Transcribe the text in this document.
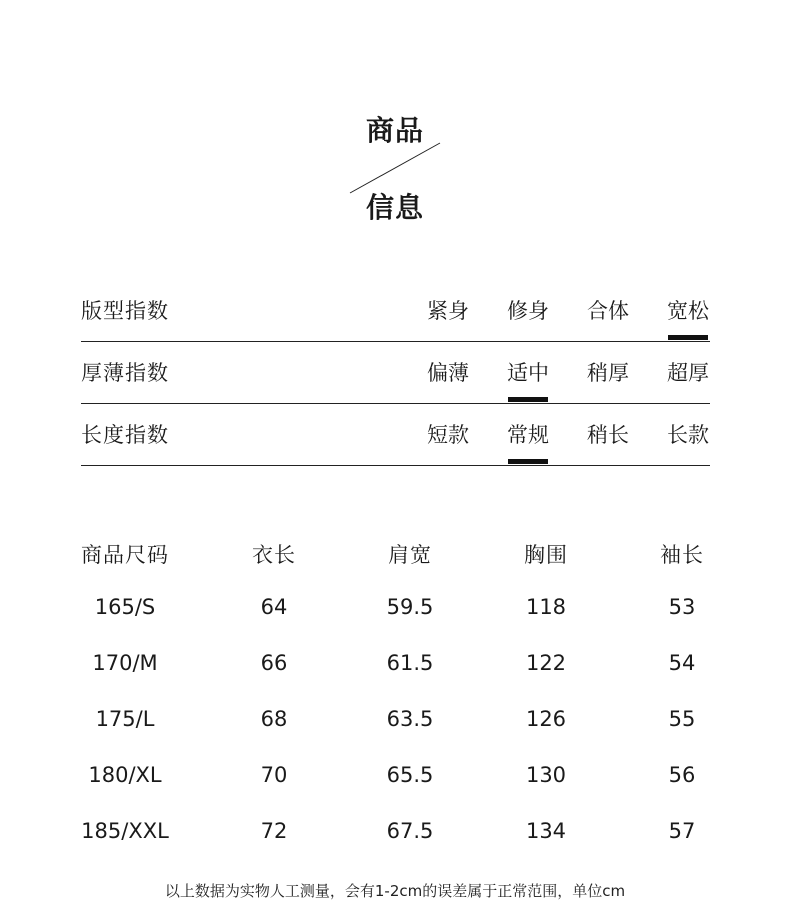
商品
信息
版型指数	紧身 修身 合体 宽松
厚薄指数	偏薄 适中 稍厚 超厚
长度指数	短款 常规 稍长 长款
商品尺码	衣长	肩宽	胸围	袖长
165/S	64	59.5	118	53
170/M	66	61.5	122	54
175/L	68	63.5	126	55
180/XL	70	65.5	130	56
185/XXL	72	67.5	134	57
以上数据为实物人工测量，会有1-2cm的误差属于正常范围，单位cm
